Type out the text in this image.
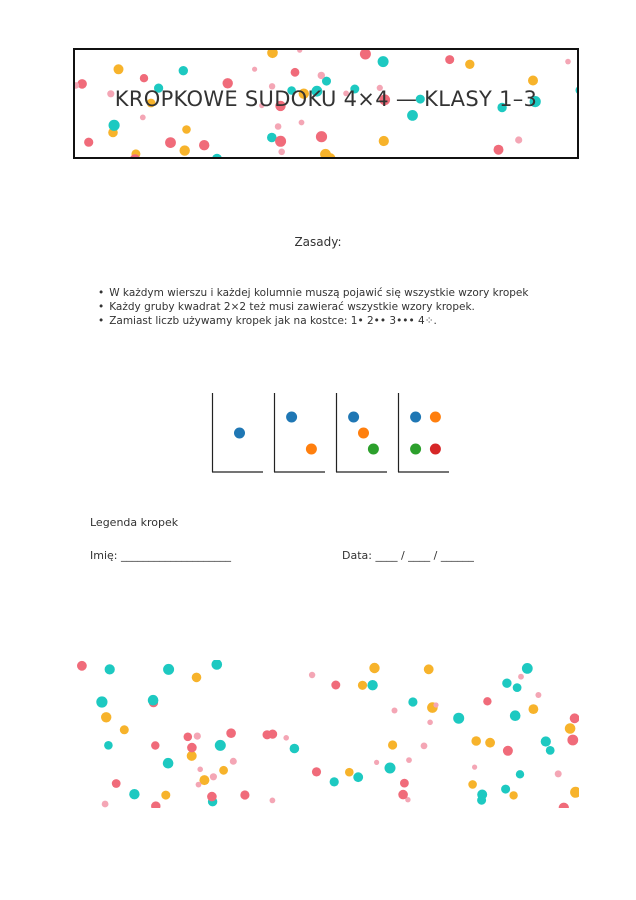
KROPKOWE SUDOKU 4×4 — KLASY 1–3
Zasady:
• W każdym wierszu i każdej kolumnie muszą pojawić się wszystkie wzory kropek
• Każdy gruby kwadrat 2×2 też musi zawierać wszystkie wzory kropek.
• Zamiast liczb używamy kropek jak na kostce: 1• 2•• 3••• 4⁘.
Legenda kropek
Imię: ____________________	Data: ____ / ____ / ______
